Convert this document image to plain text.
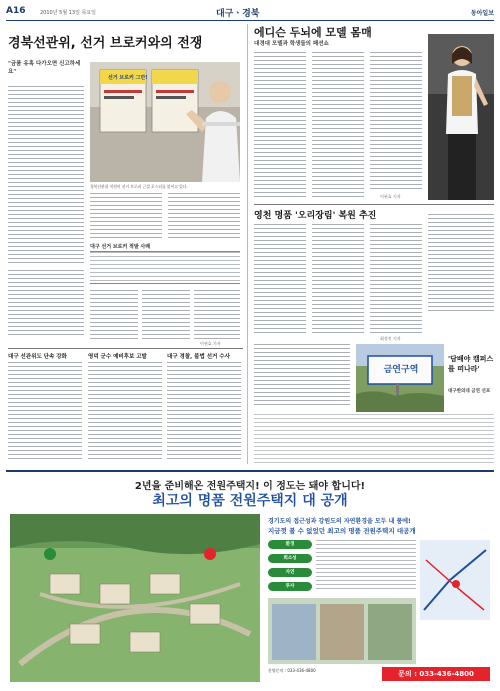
A16	2010년 5월 13일 목요일	대구ㆍ경북	동아일보
경북선관위, 선거 브로커와의 전쟁
"금품 유혹 다가오면 신고하세요"
선거 브로커 그만!
경북선관위 직원이 선거 브로커 근절 포스터를 붙이고 있다.
대구 선거 브로커 적발 사례
이권효 기자
대구 선관위도 단속 강화	영덕 군수 예비후보 고발	대구 경찰, 불법 선거 수사
에디슨 두뇌에 모델 몸매
대경대 모델과 학생들의 패션쇼
이권효 기자
영천 명품 '오리장림' 복원 추진
최성진 기자
금연구역
'담배야 캠퍼스를 떠나라'
대구한의대 금연 선포
2년을 준비해온 전원주택지! 이 정도는 돼야 합니다!
최고의 명품 전원주택지 대 공개
경기도의 접근성과 강원도의 자연환경을 모두 내 품에!
지금껏 볼 수 없었던 최고의 명품 전원주택지 대공개
환경
희소성
자연
투자
분양문의 : 033-436-4800	문의 : 033-436-4800
